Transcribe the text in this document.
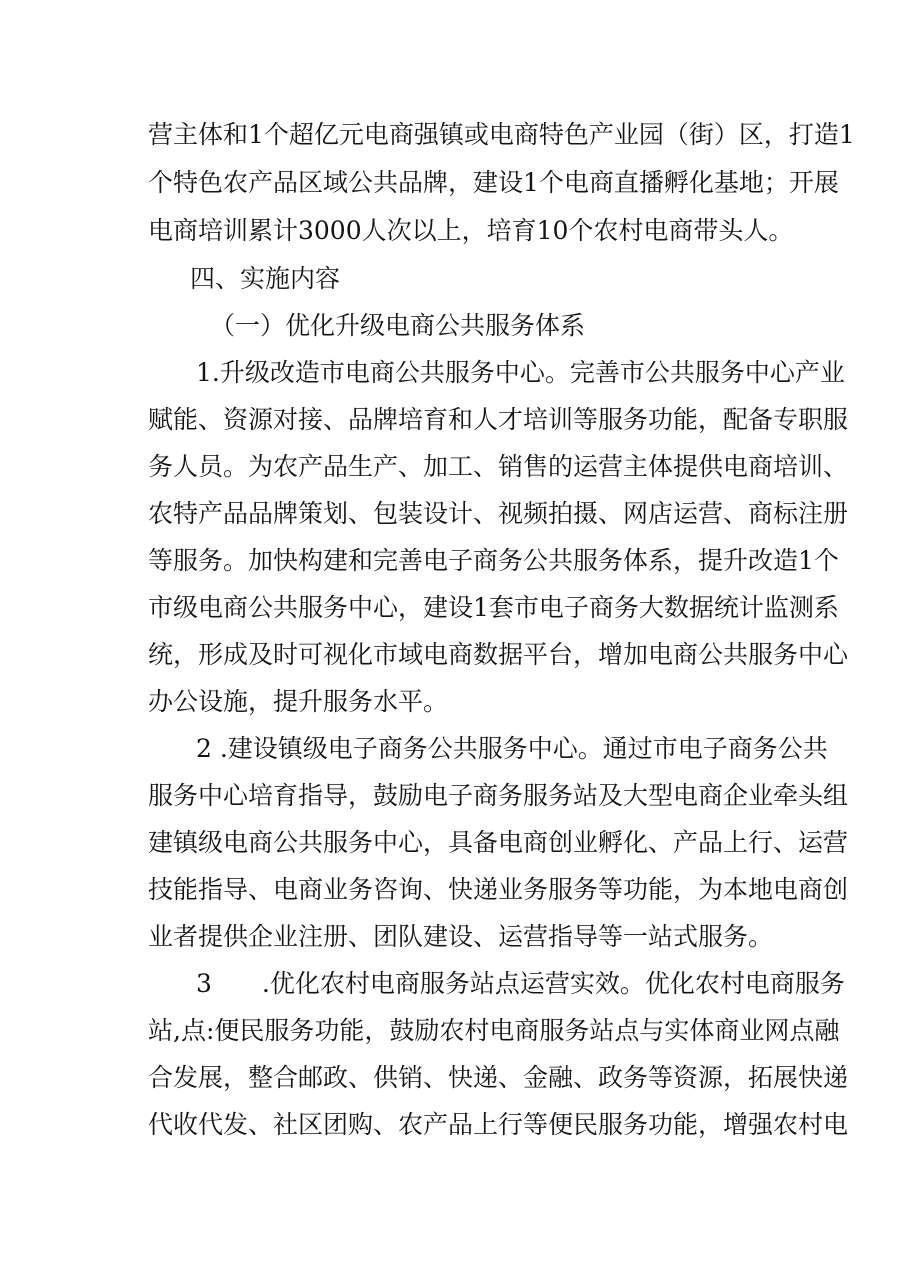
营主体和1个超亿元电商强镇或电商特色产业园（街）区，打造1
个特色农产品区域公共品牌，建设1个电商直播孵化基地；开展
电商培训累计3000人次以上，培育10个农村电商带头人。
四、实施内容
（一）优化升级电商公共服务体系
1.升级改造市电商公共服务中心。完善市公共服务中心产业
赋能、资源对接、品牌培育和人才培训等服务功能，配备专职服
务人员。为农产品生产、加工、销售的运营主体提供电商培训、
农特产品品牌策划、包装设计、视频拍摄、网店运营、商标注册
等服务。加快构建和完善电子商务公共服务体系，提升改造1个
市级电商公共服务中心，建设1套市电子商务大数据统计监测系
统，形成及时可视化市域电商数据平台，增加电商公共服务中心
办公设施，提升服务水平。
2 .建设镇级电子商务公共服务中心。通过市电子商务公共
服务中心培育指导，鼓励电子商务服务站及大型电商企业牵头组
建镇级电商公共服务中心，具备电商创业孵化、产品上行、运营
技能指导、电商业务咨询、快递业务服务等功能，为本地电商创
业者提供企业注册、团队建设、运营指导等一站式服务。
3　　.优化农村电商服务站点运营实效。优化农村电商服务
站,点:便民服务功能，鼓励农村电商服务站点与实体商业网点融
合发展，整合邮政、供销、快递、金融、政务等资源，拓展快递
代收代发、社区团购、农产品上行等便民服务功能，增强农村电
